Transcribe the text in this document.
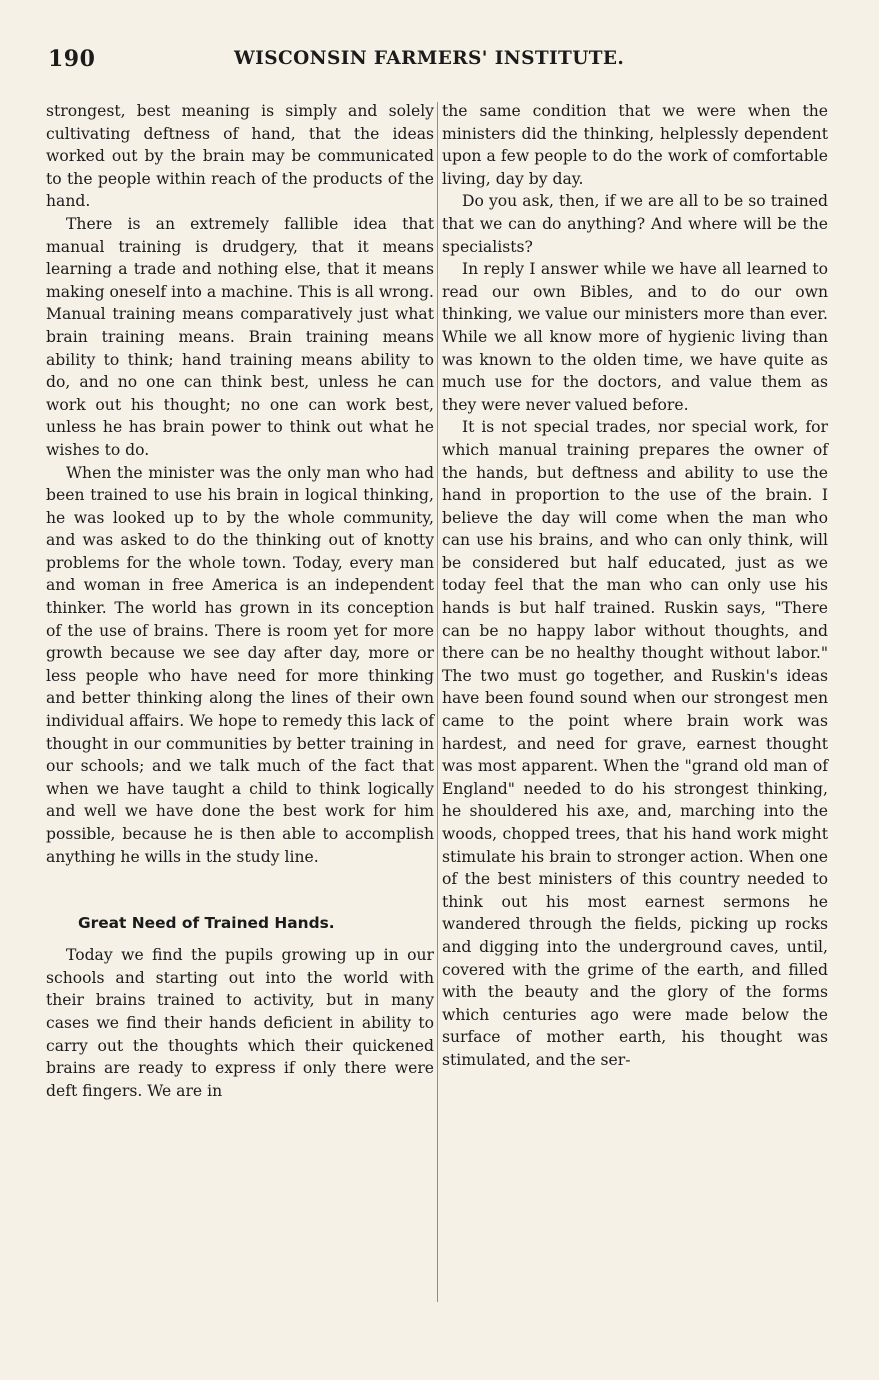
190	WISCONSIN FARMERS' INSTITUTE.

strongest, best meaning is simply and solely cultivating deftness of hand, that the ideas worked out by the brain may be communicated to the people within reach of the products of the hand.

There is an extremely fallible idea that manual training is drudgery, that it means learning a trade and nothing else, that it means making oneself into a machine. This is all wrong. Manual training means comparatively just what brain training means. Brain training means ability to think; hand training means ability to do, and no one can think best, unless he can work out his thought; no one can work best, unless he has brain power to think out what he wishes to do.

When the minister was the only man who had been trained to use his brain in logical thinking, he was looked up to by the whole community, and was asked to do the thinking out of knotty problems for the whole town. Today, every man and woman in free America is an independent thinker. The world has grown in its conception of the use of brains. There is room yet for more growth because we see day after day, more or less people who have need for more thinking and better thinking along the lines of their own individual affairs. We hope to remedy this lack of thought in our communities by better training in our schools; and we talk much of the fact that when we have taught a child to think logically and well we have done the best work for him possible, because he is then able to accomplish anything he wills in the study line.

Great Need of Trained Hands.

Today we find the pupils growing up in our schools and starting out into the world with their brains trained to activity, but in many cases we find their hands deficient in ability to carry out the thoughts which their quickened brains are ready to express if only there were deft fingers. We are in

the same condition that we were when the ministers did the thinking, helplessly dependent upon a few people to do the work of comfortable living, day by day.

Do you ask, then, if we are all to be so trained that we can do anything? And where will be the specialists?

In reply I answer while we have all learned to read our own Bibles, and to do our own thinking, we value our ministers more than ever. While we all know more of hygienic living than was known to the olden time, we have quite as much use for the doctors, and value them as they were never valued before.

It is not special trades, nor special work, for which manual training prepares the owner of the hands, but deftness and ability to use the hand in proportion to the use of the brain. I believe the day will come when the man who can use his brains, and who can only think, will be considered but half educated, just as we today feel that the man who can only use his hands is but half trained. Ruskin says, "There can be no happy labor without thoughts, and there can be no healthy thought without labor." The two must go together, and Ruskin's ideas have been found sound when our strongest men came to the point where brain work was hardest, and need for grave, earnest thought was most apparent. When the "grand old man of England" needed to do his strongest thinking, he shouldered his axe, and, marching into the woods, chopped trees, that his hand work might stimulate his brain to stronger action. When one of the best ministers of this country needed to think out his most earnest sermons he wandered through the fields, picking up rocks and digging into the underground caves, until, covered with the grime of the earth, and filled with the beauty and the glory of the forms which centuries ago were made below the surface of mother earth, his thought was stimulated, and the ser-
